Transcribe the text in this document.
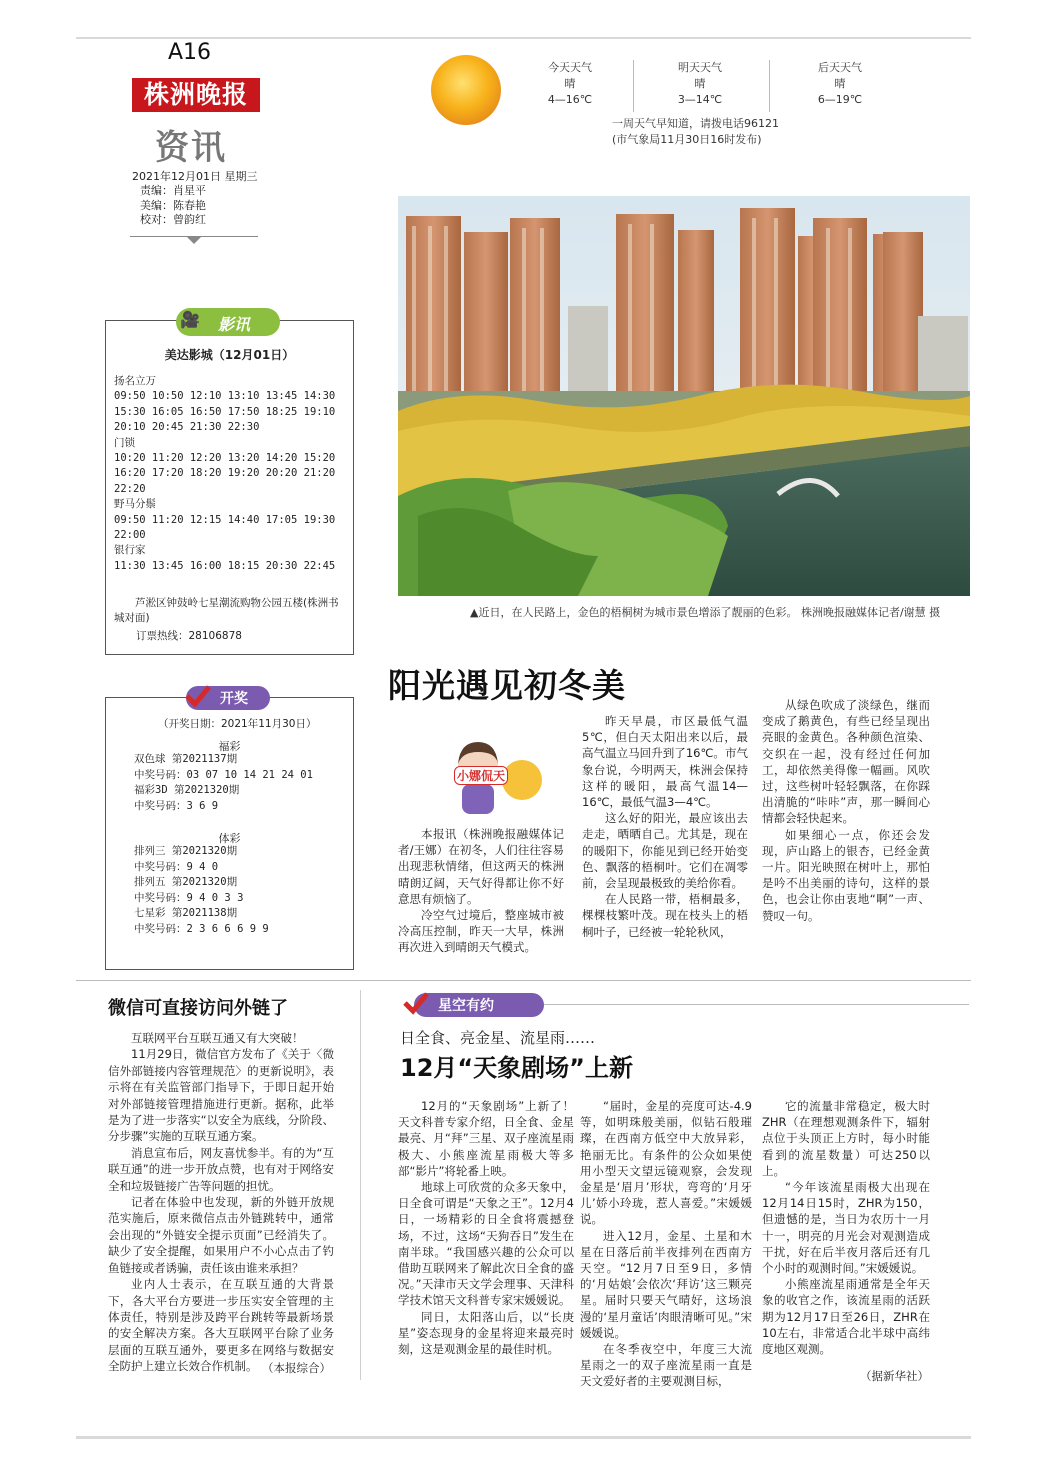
A16
株洲晚报
资讯
2021年12月01日 星期三
责编：肖星平
美编：陈春艳
校对：曾韵红
今天天气
晴
4—16℃
明天天气
晴
3—14℃
后天天气
晴
6—19℃
一周天气早知道，请拨电话96121
(市气象局11月30日16时发布)
▲近日，在人民路上，金色的梧桐树为城市景色增添了靓丽的色彩。 株洲晚报融媒体记者/谢慧 摄
🎥 影讯
美达影城（12月01日）
扬名立万
09:50 10:50 12:10 13:10 13:45 14:30 15:30 16:05 16:50 17:50 18:25 19:10 20:10 20:45 21:30 22:30
门锁
10:20 11:20 12:20 13:20 14:20 15:20 16:20 17:20 18:20 19:20 20:20 21:20 22:20
野马分鬃
09:50 11:20 12:15 14:40 17:05 19:30 22:00
银行家
11:30 13:45 16:00 18:15 20:30 22:45
芦淞区钟鼓岭七星潮流购物公园五楼(株洲书城对面)
订票热线：28106878
开奖
（开奖日期：2021年11月30日）
福彩
双色球 第2021137期
中奖号码：03 07 10 14 21 24 01
福彩3D 第2021320期
中奖号码：3 6 9
体彩
排列三 第2021320期
中奖号码：9 4 0
排列五 第2021320期
中奖号码：9 4 0 3 3
七星彩 第2021138期
中奖号码：2 3 6 6 6 9 9
阳光遇见初冬美
小娜侃天

本报讯（株洲晚报融媒体记者/王娜）在初冬，人们往往容易出现悲秋情绪，但这两天的株洲晴朗辽阔，天气好得都让你不好意思有烦恼了。

冷空气过境后，整座城市被冷高压控制，昨天一大早，株洲再次进入到晴朗天气模式。

昨天早晨，市区最低气温5℃，但白天太阳出来以后，最高气温立马回升到了16℃。市气象台说，今明两天，株洲会保持这样的暖阳，最高气温14—16℃，最低气温3—4℃。

这么好的阳光，最应该出去走走，晒晒自己。尤其是，现在的暖阳下，你能见到已经开始变色、飘落的梧桐叶。它们在凋零前，会呈现最极致的美给你看。

在人民路一带，梧桐最多，棵棵枝繁叶茂。现在枝头上的梧桐叶子，已经被一轮轮秋风，

从绿色吹成了淡绿色，继而变成了鹅黄色，有些已经呈现出亮眼的金黄色。各种颜色渲染、交织在一起，没有经过任何加工，却依然美得像一幅画。风吹过，这些树叶轻轻飘落，在你踩出清脆的“咔咔”声，那一瞬间心情都会轻快起来。

如果细心一点，你还会发现，庐山路上的银杏，已经金黄一片。阳光映照在树叶上，那怕是吟不出美丽的诗句，这样的景色，也会让你由衷地“啊”一声、赞叹一句。

微信可直接访问外链了

互联网平台互联互通又有大突破！

11月29日，微信官方发布了《关于〈微信外部链接内容管理规范〉的更新说明》，表示将在有关监管部门指导下，于即日起开始对外部链接管理措施进行更新。据称，此举是为了进一步落实“以安全为底线，分阶段、分步骤”实施的互联互通方案。

消息宣布后，网友喜忧参半。有的为“互联互通”的进一步开放点赞，也有对于网络安全和垃圾链接广告等问题的担忧。

记者在体验中也发现，新的外链开放规范实施后，原来微信点击外链跳转中，通常会出现的“外链安全提示页面”已经消失了。缺少了安全提醒，如果用户不小心点击了钓鱼链接或者诱骗，责任该由谁来承担？

业内人士表示，在互联互通的大背景下，各大平台方要进一步压实安全管理的主体责任，特别是涉及跨平台跳转等最新场景的安全解决方案。各大互联网平台除了业务层面的互联互通外，要更多在网络与数据安全防护上建立长效合作机制。 （本报综合）
星空有约
日全食、亮金星、流星雨……
12月“天象剧场”上新

12月的“天象剧场”上新了！天文科普专家介绍，日全食、金星最亮、月“拜”三星、双子座流星雨极大、小熊座流星雨极大等多部“影片”将轮番上映。

地球上可欣赏的众多天象中，日全食可谓是“天象之王”。12月4日，一场精彩的日全食将震撼登场，不过，这场“天狗吞日”发生在南半球。“我国感兴趣的公众可以借助互联网来了解此次日全食的盛况。”天津市天文学会理事、天津科学技术馆天文科普专家宋媛媛说。

同日，太阳落山后，以“长庚星”姿态现身的金星将迎来最亮时刻，这是观测金星的最佳时机。

“届时，金星的亮度可达-4.9等，如明珠般美丽，似钻石般璀璨，在西南方低空中大放异彩，艳丽无比。有条件的公众如果使用小型天文望远镜观察，会发现金星是‘眉月’形状，弯弯的‘月牙儿’娇小玲珑，惹人喜爱。”宋媛媛说。

进入12月，金星、土星和木星在日落后前半夜排列在西南方天空。“12月7日至9日，多情的‘月姑娘’会依次‘拜访’这三颗亮星。届时只要天气晴好，这场浪漫的‘星月童话’肉眼清晰可见。”宋媛媛说。

在冬季夜空中，年度三大流星雨之一的双子座流星雨一直是天文爱好者的主要观测目标，

它的流量非常稳定，极大时ZHR（在理想观测条件下，辐射点位于头顶正上方时，每小时能看到的流星数量）可达250以上。

“今年该流星雨极大出现在12月14日15时，ZHR为150，但遗憾的是，当日为农历十一月十一，明亮的月光会对观测造成干扰，好在后半夜月落后还有几个小时的观测时间。”宋媛媛说。

小熊座流星雨通常是全年天象的收官之作，该流星雨的活跃期为12月17日至26日，ZHR在10左右，非常适合北半球中高纬度地区观测。

（据新华社）
